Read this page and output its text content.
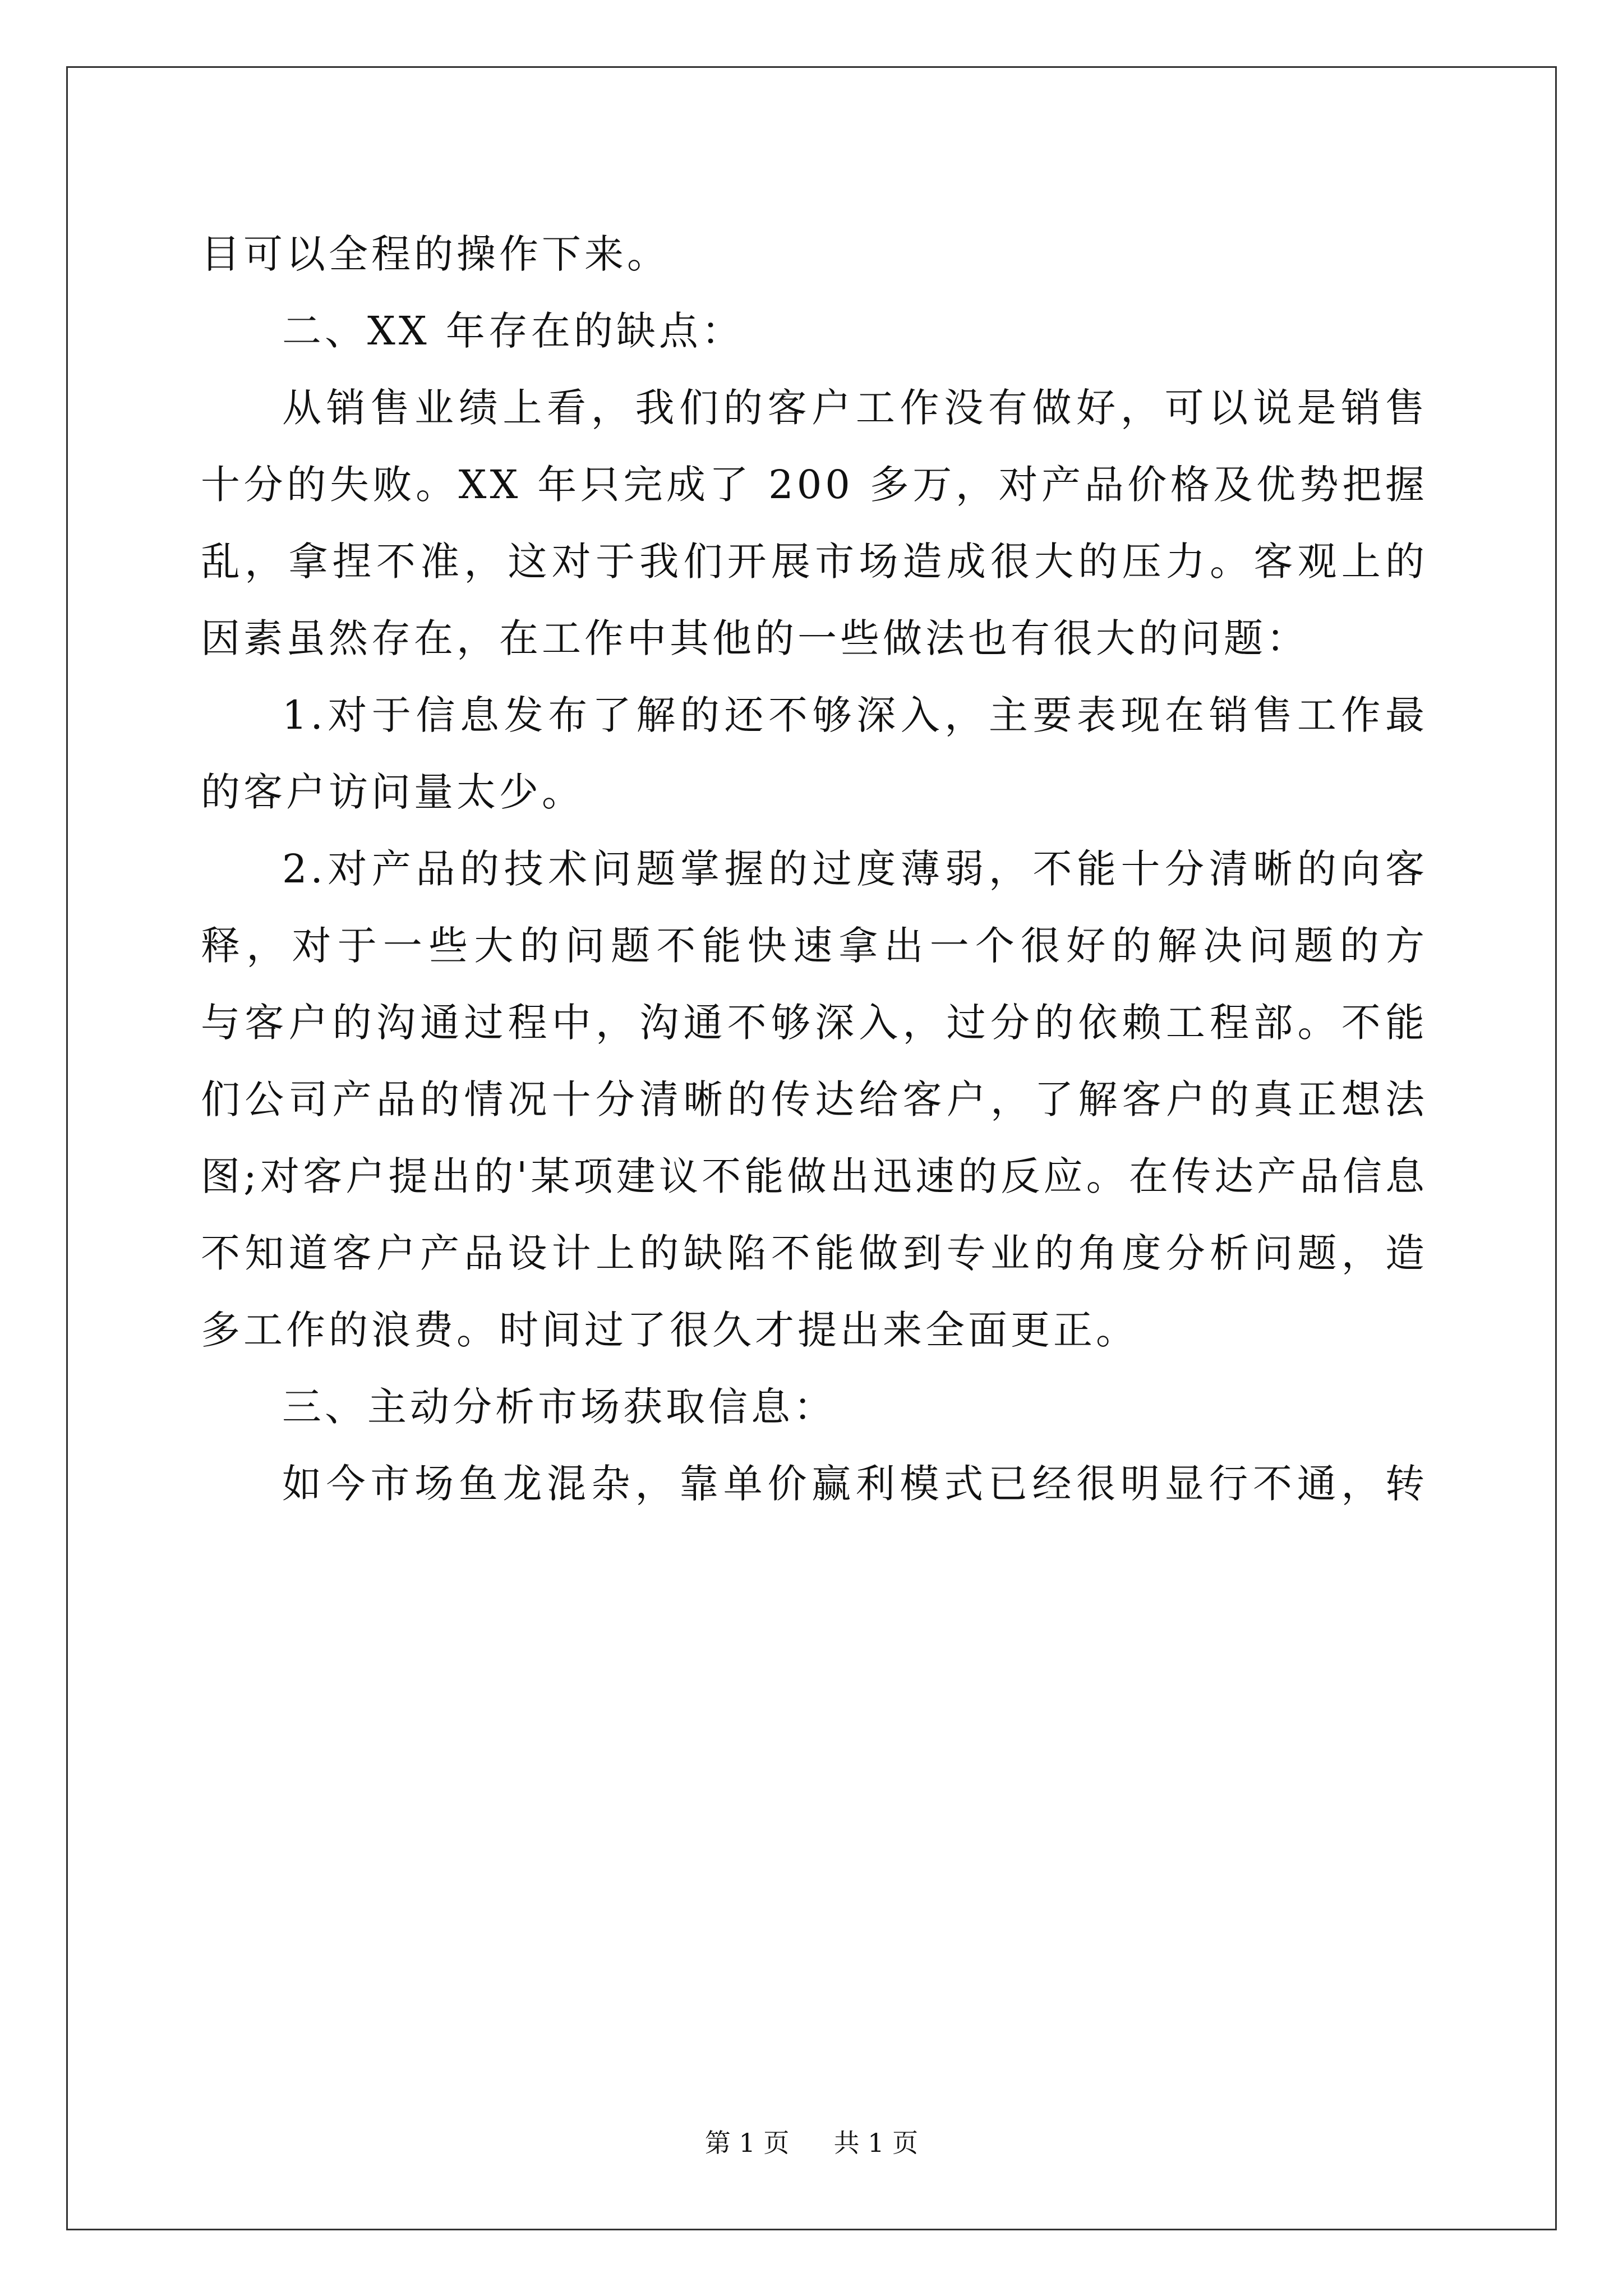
目可以全程的操作下来。
二、XX 年存在的缺点：
从销售业绩上看，我们的客户工作没有做好，可以说是销售
十分的失败。XX 年只完成了 200 多万，对产品价格及优势把握
乱，拿捏不准，这对于我们开展市场造成很大的压力。客观上的
因素虽然存在，在工作中其他的一些做法也有很大的问题：
1.对于信息发布了解的还不够深入，主要表现在销售工作最
的客户访问量太少。
2.对产品的技术问题掌握的过度薄弱，不能十分清晰的向客
释，对于一些大的问题不能快速拿出一个很好的解决问题的方
与客户的沟通过程中，沟通不够深入，过分的依赖工程部。不能
们公司产品的情况十分清晰的传达给客户，了解客户的真正想法
图;对客户提出的'某项建议不能做出迅速的反应。在传达产品信息
不知道客户产品设计上的缺陷不能做到专业的角度分析问题，造
多工作的浪费。时间过了很久才提出来全面更正。
三、主动分析市场获取信息：
如今市场鱼龙混杂，靠单价赢利模式已经很明显行不通，转
第 1 页 共 1 页
